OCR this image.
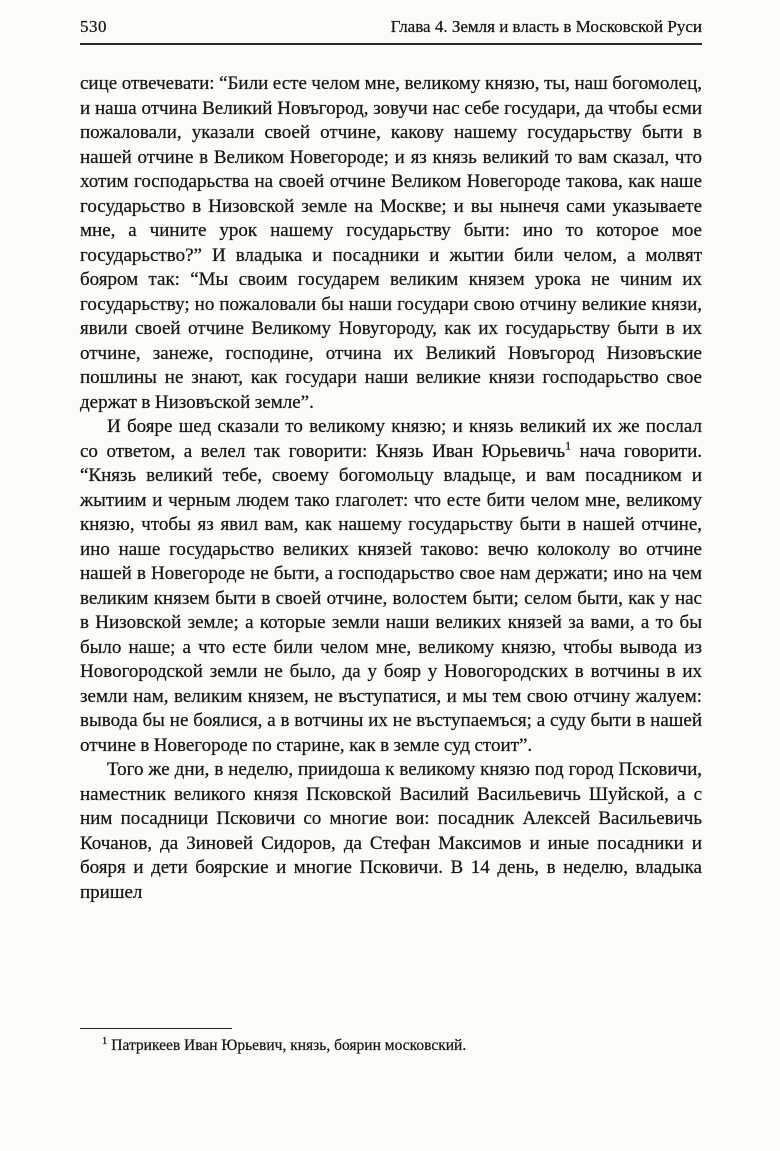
530	Глава 4. Земля и власть в Московской Руси

сице отвечевати: “Били есте челом мне, великому князю, ты, наш богомолец, и наша отчина Великий Новъгород, зовучи нас себе государи, да чтобы есми пожаловали, указали своей отчине, какову нашему государьству быти в нашей отчине в Великом Новегороде; и яз князь великий то вам сказал, что хотим господарьства на своей отчине Великом Новегороде такова, как наше государьство в Низовской земле на Москве; и вы нынечя сами указываете мне, а чините урок нашему государьству быти: ино то которое мое государьство?” И владыка и посадники и жытии били челом, а молвят бояром так: “Мы своим государем великим князем урока не чиним их государьству; но пожаловали бы наши государи свою отчину великие князи, явили своей отчине Великому Новугороду, как их государьству быти в их отчине, занеже, господине, отчина их Великий Новъгород Низовъские пошлины не знают, как государи наши великие князи господарьство свое держат в Низовъской земле”.

И бояре шед сказали то великому князю; и князь великий их же послал со ответом, а велел так говорити: Князь Иван Юрьевичь$^1$ нача говорити. “Князь великий тебе, своему богомольцу владыце, и вам посадником и жытиим и черным людем тако глаголет: что есте бити челом мне, великому князю, чтобы яз явил вам, как нашему государьству быти в нашей отчине, ино наше государьство великих князей таково: вечю колоколу во отчине нашей в Новегороде не быти, а господарьство свое нам держати; ино на чем великим князем быти в своей отчине, волостем быти; селом быти, как у нас в Низовской земле; а которые земли наши великих князей за вами, а то бы было наше; а что есте били челом мне, великому князю, чтобы вывода из Новогородской земли не было, да у бояр у Новогородских в вотчины в их земли нам, великим князем, не въступатися, и мы тем свою отчину жалуем: вывода бы не боялися, а в вотчины их не въступаемъся; а суду быти в нашей отчине в Новегороде по старине, как в земле суд стоит”.

Того же дни, в неделю, приидоша к великому князю под город Псковичи, наместник великого князя Псковской Василий Васильевичь Шуйской, а с ним посадници Псковичи со многие вои: посадник Алексей Васильевичь Кочанов, да Зиновей Сидоров, да Стефан Максимов и иные посадники и бояря и дети боярские и многие Псковичи. В 14 день, в неделю, владыка пришел

$^1$ Патрикеев Иван Юрьевич, князь, боярин московский.
